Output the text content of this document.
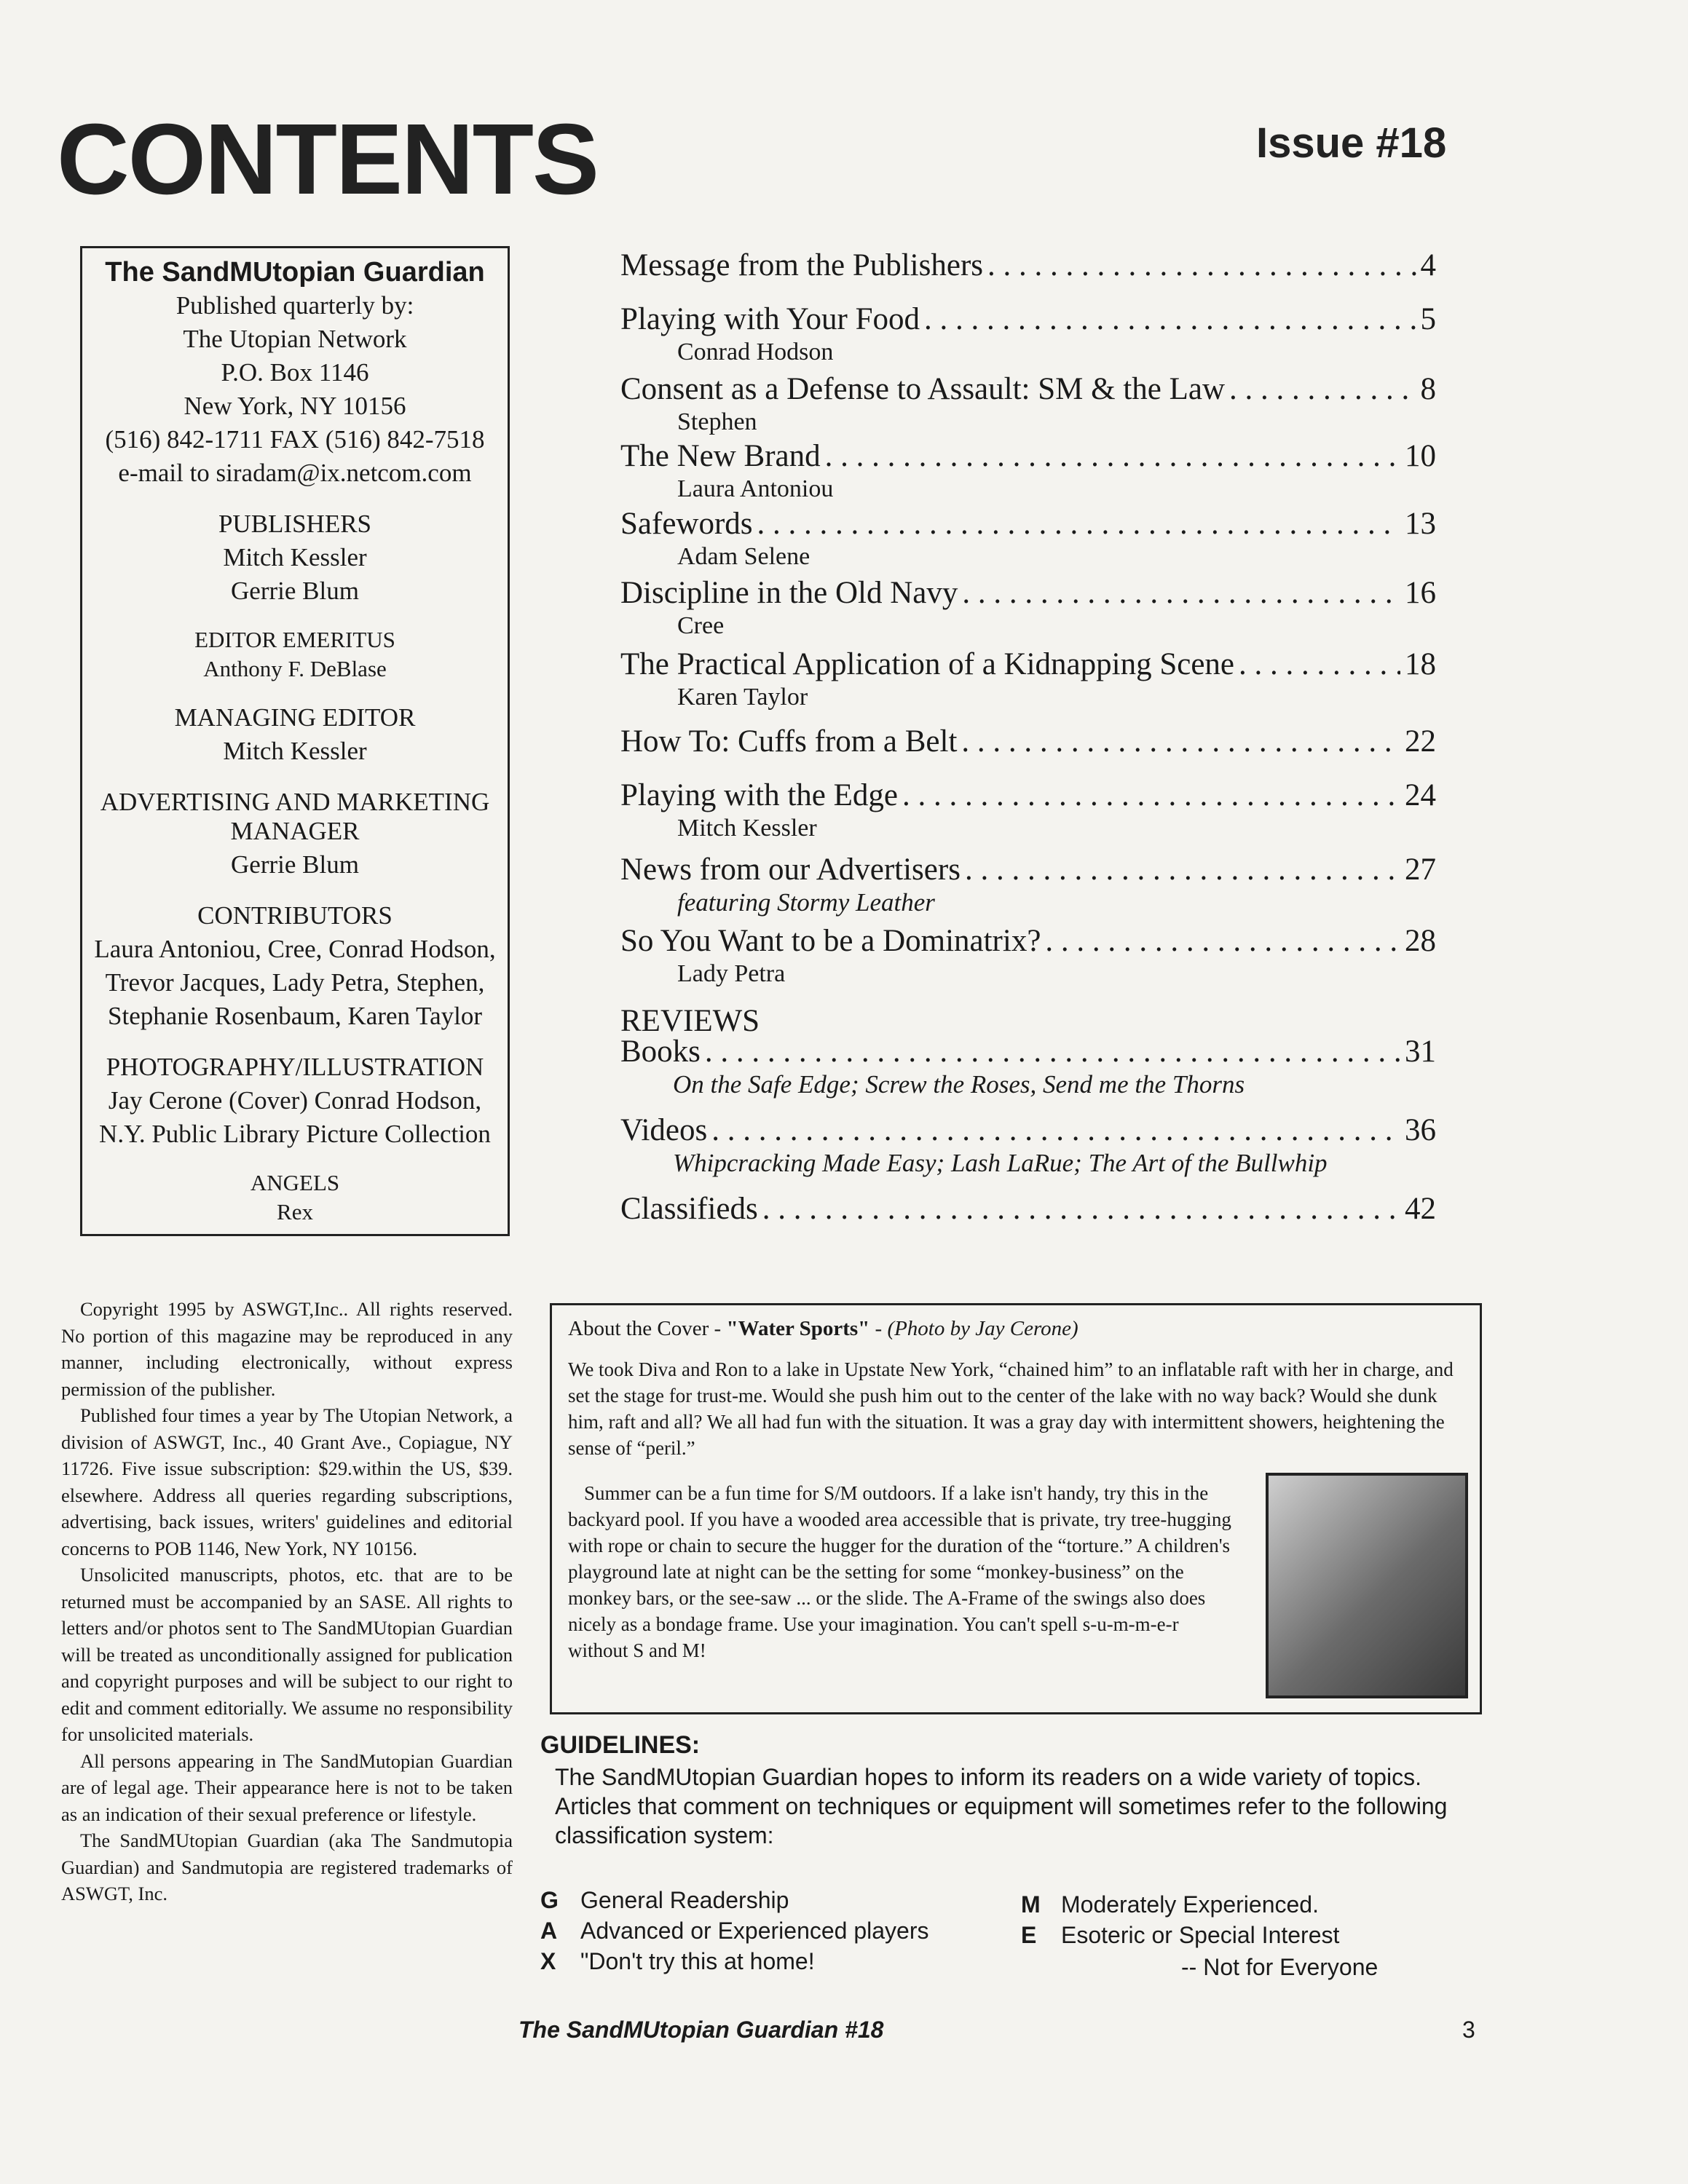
CONTENTS	Issue #18
The SandMUtopian Guardian
Published quarterly by:
The Utopian Network
P.O. Box 1146
New York, NY 10156
(516) 842-1711 FAX (516) 842-7518
e-mail to siradam@ix.netcom.com
PUBLISHERS
Mitch Kessler
Gerrie Blum
EDITOR EMERITUS
Anthony F. DeBlase
MANAGING EDITOR
Mitch Kessler
ADVERTISING AND MARKETING
MANAGER
Gerrie Blum
CONTRIBUTORS
Laura Antoniou, Cree, Conrad Hodson,
Trevor Jacques, Lady Petra, Stephen,
Stephanie Rosenbaum, Karen Taylor
PHOTOGRAPHY/ILLUSTRATION
Jay Cerone (Cover) Conrad Hodson,
N.Y. Public Library Picture Collection
ANGELS
Rex

Copyright 1995 by ASWGT,Inc.. All rights reserved. No portion of this magazine may be reproduced in any manner, including electronically, without express permission of the publisher.

Published four times a year by The Utopian Network, a division of ASWGT, Inc., 40 Grant Ave., Copiague, NY 11726. Five issue subscription: $29.within the US, $39. elsewhere. Address all queries regarding subscriptions, advertising, back issues, writers' guidelines and editorial concerns to POB 1146, New York, NY 10156.

Unsolicited manuscripts, photos, etc. that are to be returned must be accompanied by an SASE. All rights to letters and/or photos sent to The SandMUtopian Guardian will be treated as unconditionally assigned for publication and copyright purposes and will be subject to our right to edit and comment editorially. We assume no responsibility for unsolicited materials.

All persons appearing in The SandMutopian Guardian are of legal age. Their appearance here is not to be taken as an indication of their sexual preference or lifestyle.

The SandMUtopian Guardian (aka The Sandmutopia Guardian) and Sandmutopia are registered trademarks of ASWGT, Inc.

Message from the Publishers . . .	4
Playing with Your Food . . .	5
Conrad Hodson
Consent as a Defense to Assault: SM & the Law . . .	8
Stephen
The New Brand . . .	10
Laura Antoniou
Safewords . . .	13
Adam Selene
Discipline in the Old Navy . . .	16
Cree
The Practical Application of a Kidnapping Scene . . .	18
Karen Taylor
How To: Cuffs from a Belt . . .	22
Playing with the Edge . . .	24
Mitch Kessler
News from our Advertisers . . .	27
featuring Stormy Leather
So You Want to be a Dominatrix? . . .	28
Lady Petra
REVIEWS
Books . . .	31
On the Safe Edge; Screw the Roses, Send me the Thorns
Videos . . .	36
Whipcracking Made Easy; Lash LaRue; The Art of the Bullwhip
Classifieds . . .	42
About the Cover - "Water Sports" - (Photo by Jay Cerone)
We took Diva and Ron to a lake in Upstate New York, “chained him” to an inflatable raft with her in charge, and set the stage for trust-me. Would she push him out to the center of the lake with no way back? Would she dunk him, raft and all? We all had fun with the situation. It was a gray day with intermittent showers, heightening the sense of “peril.”
Summer can be a fun time for S/M outdoors. If a lake isn't handy, try this in the backyard pool. If you have a wooded area accessible that is private, try tree-hugging with rope or chain to secure the hugger for the duration of the “torture.” A children's playground late at night can be the setting for some “monkey-business” on the monkey bars, or the see-saw ... or the slide. The A-Frame of the swings also does nicely as a bondage frame. Use your imagination. You can't spell s-u-m-m-e-r without S and M!
GUIDELINES:
The SandMUtopian Guardian hopes to inform its readers on a wide variety of topics. Articles that comment on techniques or equipment will sometimes refer to the following classification system:
G General Readership
A Advanced or Experienced players
X "Don't try this at home!
M Moderately Experienced.
E Esoteric or Special Interest
-- Not for Everyone
The SandMUtopian Guardian #18	3
